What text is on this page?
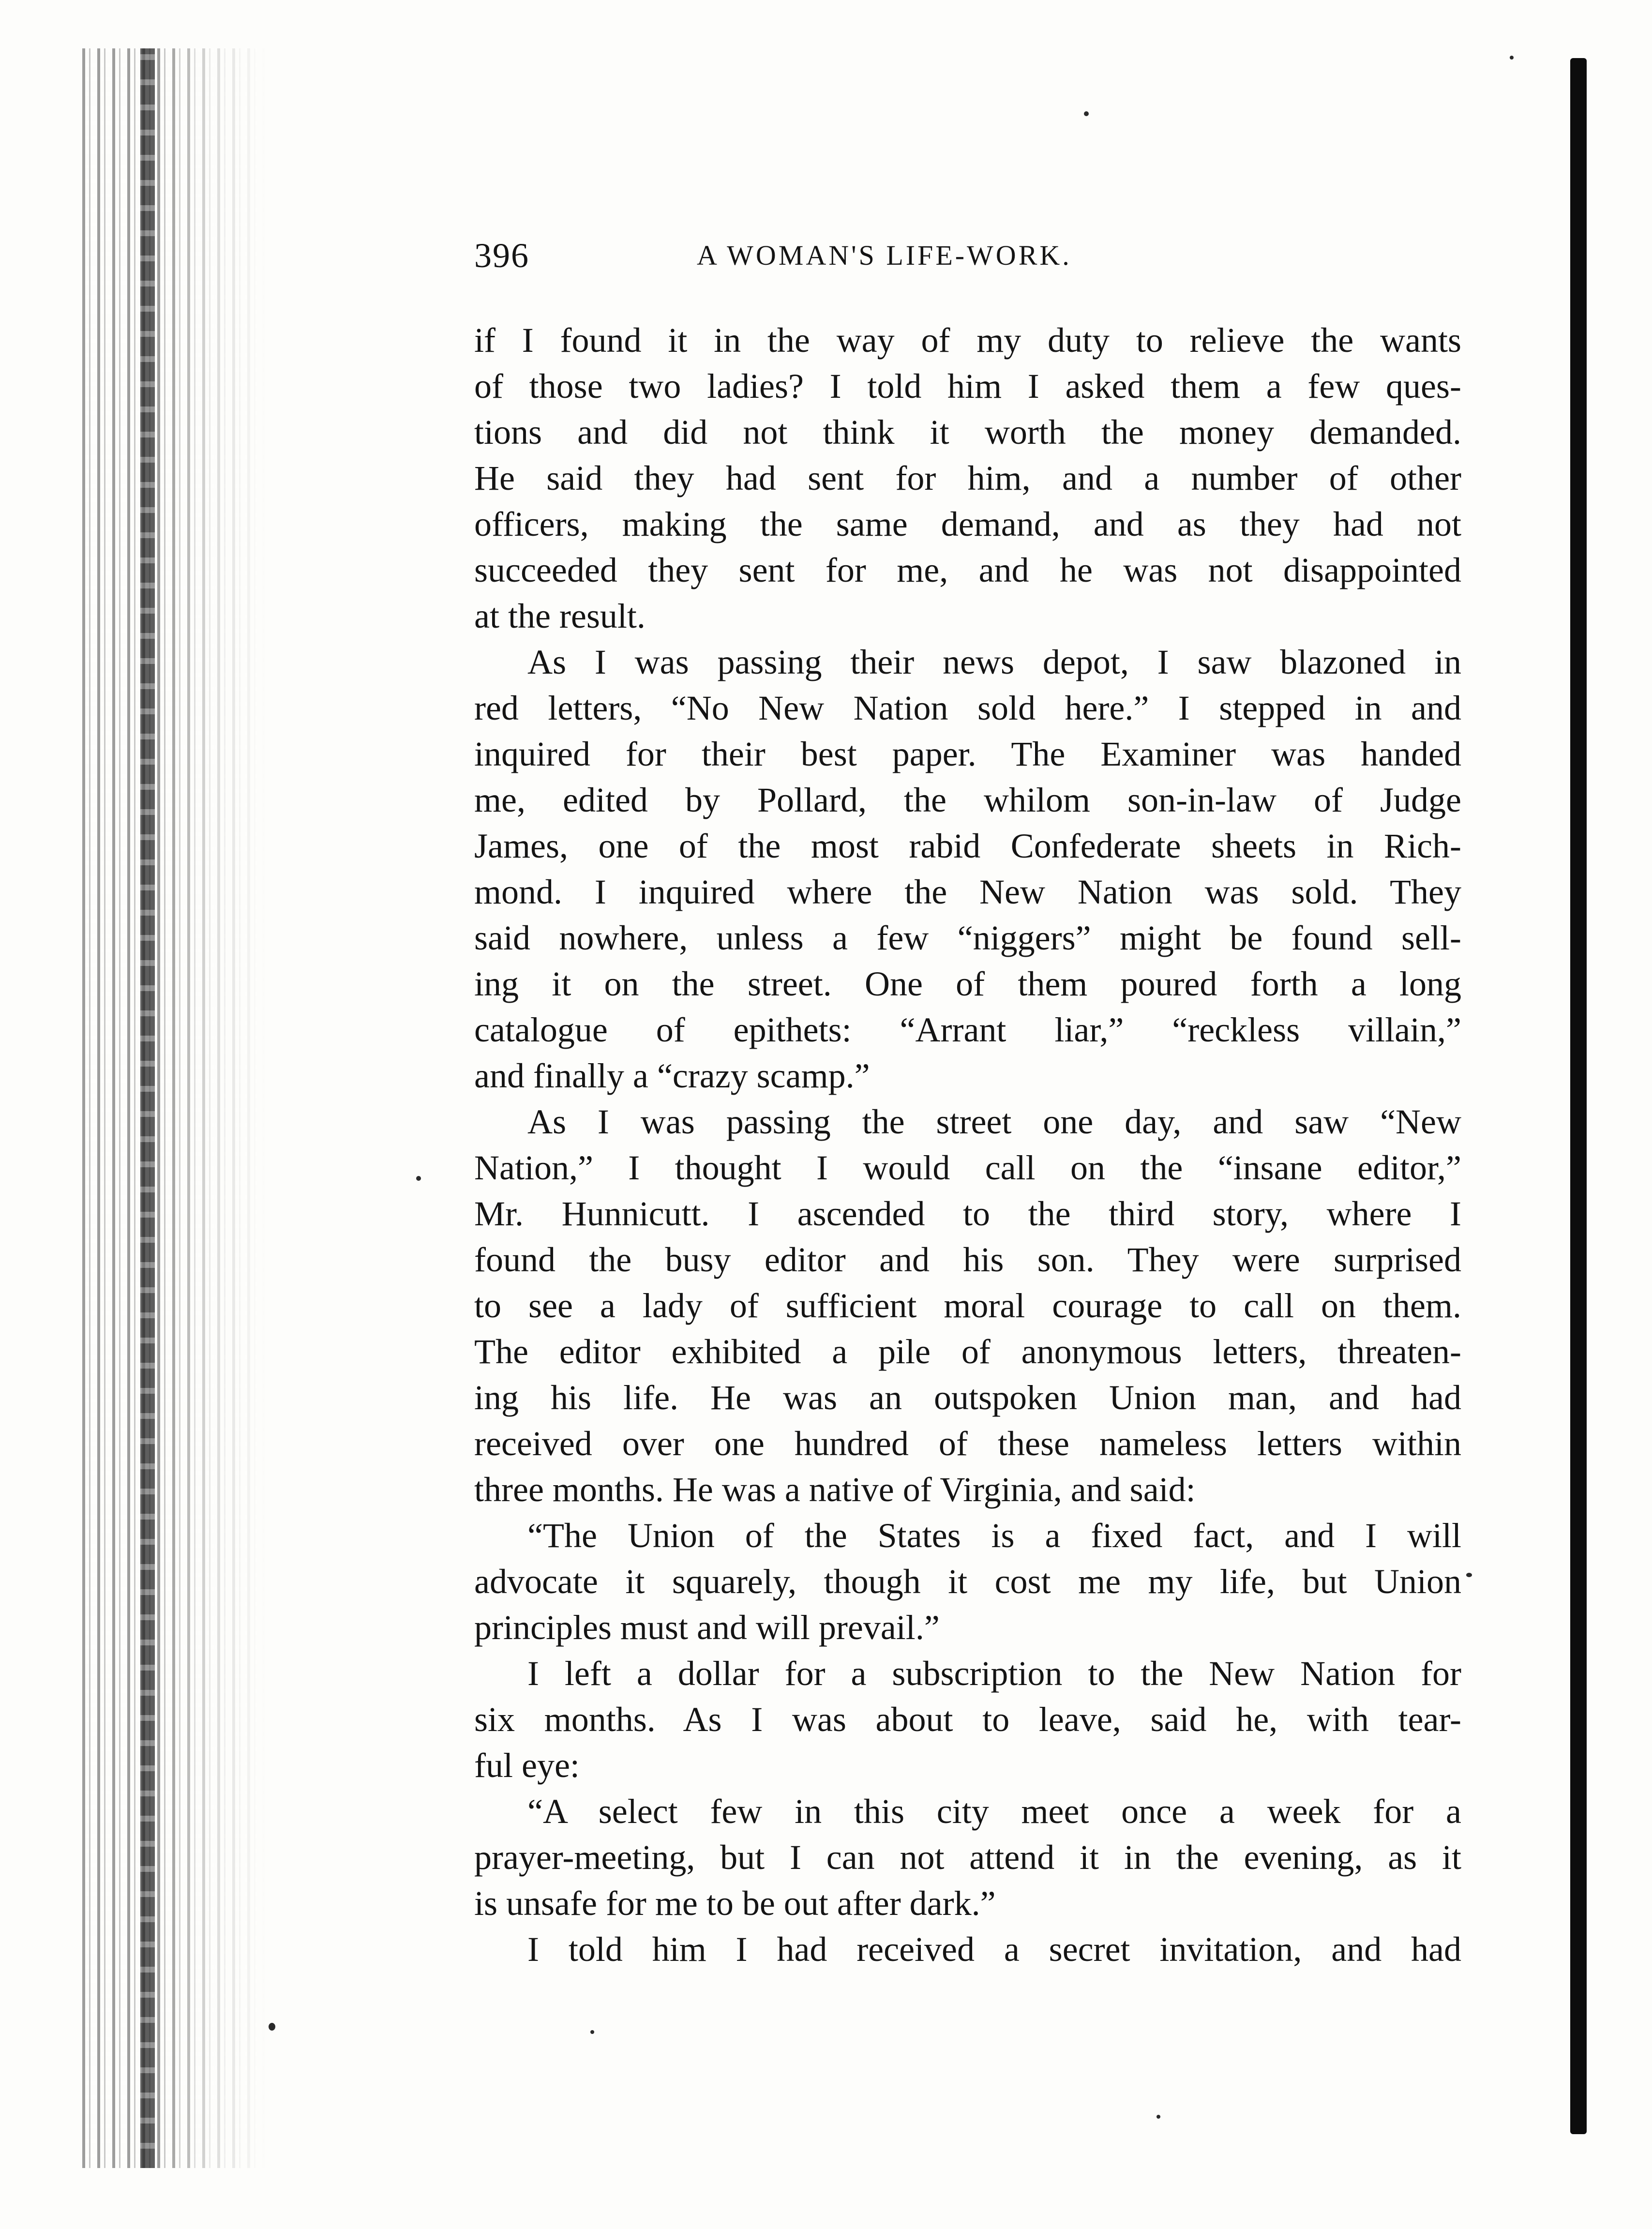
396	A WOMAN'S LIFE-WORK.
if I found it in the way of my duty to relieve the wants
of those two ladies? I told him I asked them a few ques-
tions and did not think it worth the money demanded.
He said they had sent for him, and a number of other
officers, making the same demand, and as they had not
succeeded they sent for me, and he was not disappointed
at the result.
As I was passing their news depot, I saw blazoned in
red letters, “No New Nation sold here.” I stepped in and
inquired for their best paper. The Examiner was handed
me, edited by Pollard, the whilom son-in-law of Judge
James, one of the most rabid Confederate sheets in Rich-
mond. I inquired where the New Nation was sold. They
said nowhere, unless a few “niggers” might be found sell-
ing it on the street. One of them poured forth a long
catalogue of epithets: “Arrant liar,” “reckless villain,”
and finally a “crazy scamp.”
As I was passing the street one day, and saw “New
Nation,” I thought I would call on the “insane editor,”
Mr. Hunnicutt. I ascended to the third story, where I
found the busy editor and his son. They were surprised
to see a lady of sufficient moral courage to call on them.
The editor exhibited a pile of anonymous letters, threaten-
ing his life. He was an outspoken Union man, and had
received over one hundred of these nameless letters within
three months. He was a native of Virginia, and said:
“The Union of the States is a fixed fact, and I will
advocate it squarely, though it cost me my life, but Union
principles must and will prevail.”
I left a dollar for a subscription to the New Nation for
six months. As I was about to leave, said he, with tear-
ful eye:
“A select few in this city meet once a week for a
prayer-meeting, but I can not attend it in the evening, as it
is unsafe for me to be out after dark.”
I told him I had received a secret invitation, and had
